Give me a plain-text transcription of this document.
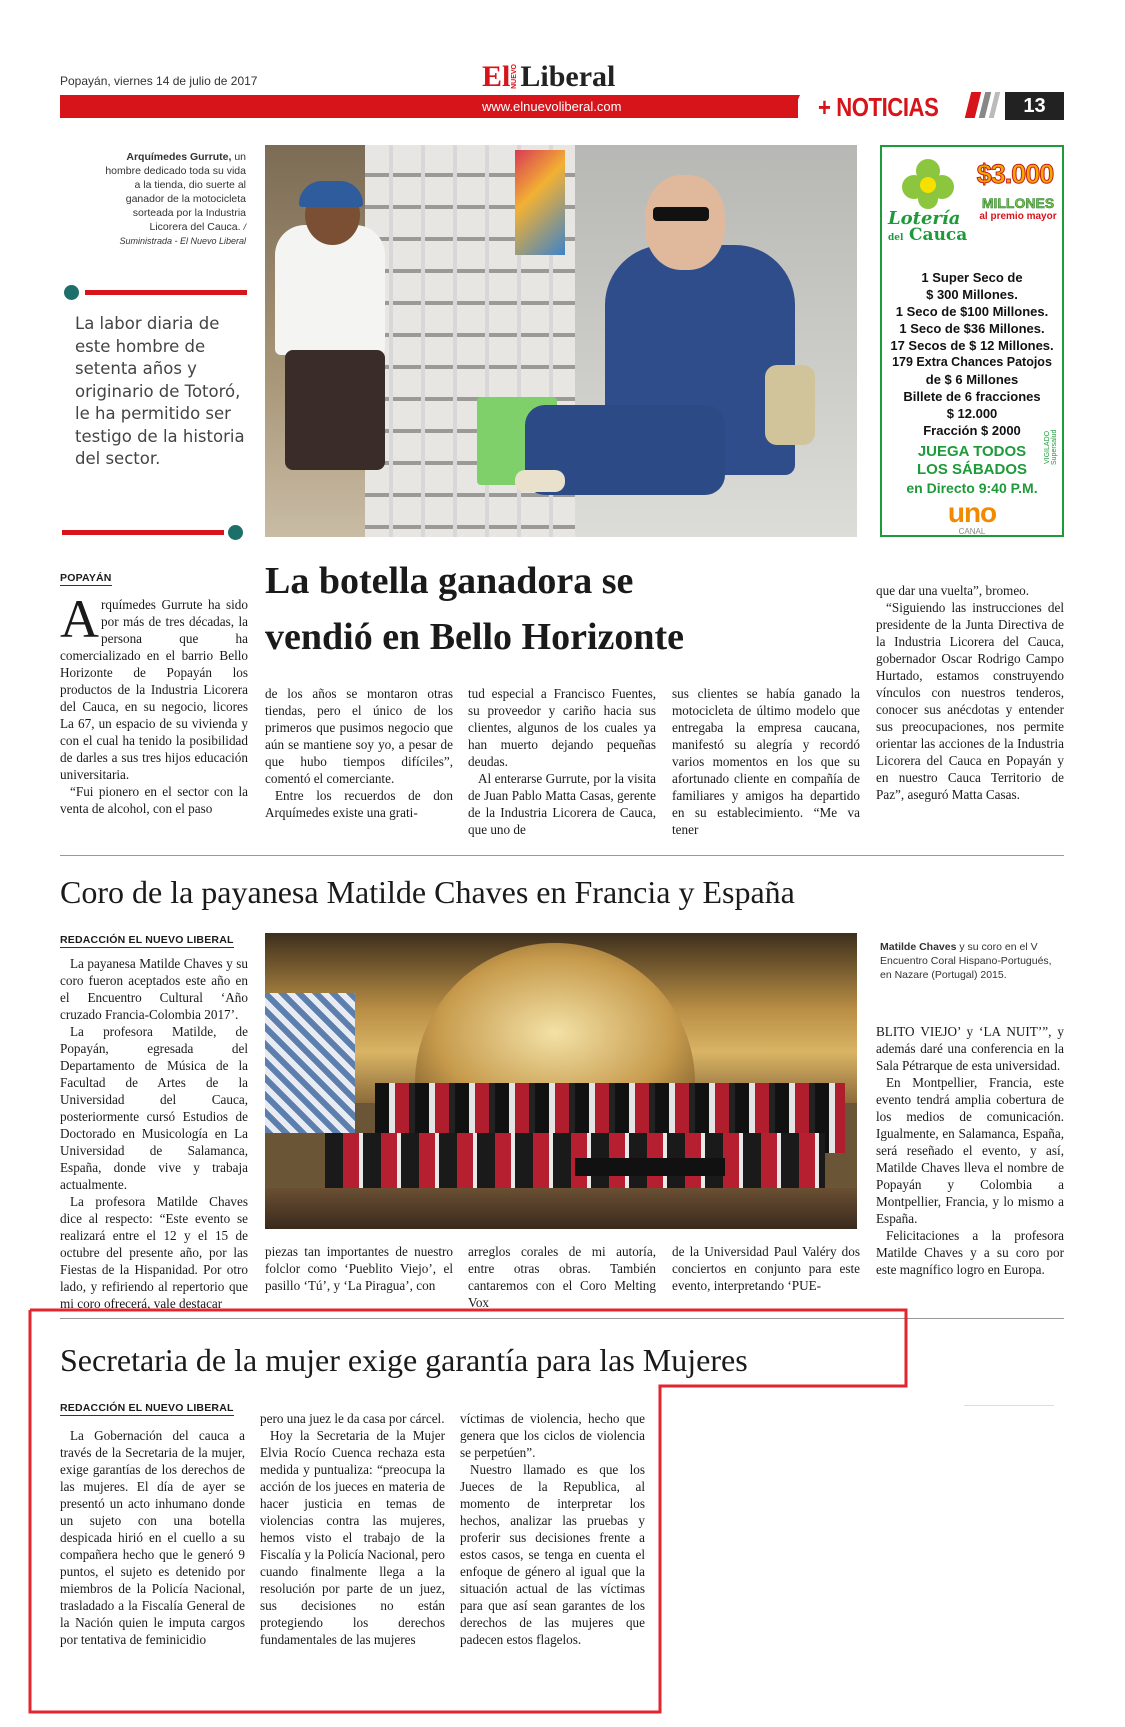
Popayán, viernes 14 de julio de 2017	El NUEVO Liberal
www.elnuevoliberal.com	+ NOTICIAS	13
Arquímedes Gurrute, un hombre dedicado toda su vida a la tienda, dio suerte al ganador de la motocicleta sorteada por la Industria Licorera del Cauca. / Suministrada - El Nuevo Liberal
La labor diaria de este hombre de setenta años y originario de Totoró, le ha permitido ser testigo de la historia del sector.
$3.000
MILLONES
al premio mayor
Lotería
del Cauca
1 Super Seco de
$ 300 Millones.
1 Seco de $100 Millones.
1 Seco de $36 Millones.
17 Secos de $ 12 Millones.
179 Extra Chances Patojos
de $ 6 Millones
Billete de 6 fracciones
$ 12.000
Fracción $ 2000	VIGILADO Supersalud
JUEGA TODOS
LOS SÁBADOS
en Directo 9:40 P.M.
uno
CANAL
POPAYÁN	La botella ganadora se
vendió en Bello Horizonte

Arquímedes Gurrute ha sido por más de tres décadas, la persona que ha comercializado en el barrio Bello Horizonte de Popayán los productos de la Industria Licorera del Cauca, en su negocio, licores La 67, un espacio de su vivienda y con el cual ha tenido la posibilidad de darles a sus tres hijos educación universitaria.

“Fui pionero en el sector con la venta de alcohol, con el paso

de los años se montaron otras tiendas, pero el único de los primeros que pusimos negocio que aún se mantiene soy yo, a pesar de que hubo tiempos difíciles”, comentó el comerciante.

Entre los recuerdos de don Arquímedes existe una grati-

tud especial a Francisco Fuentes, su proveedor y cariño hacia sus clientes, algunos de los cuales ya han muerto dejando pequeñas deudas.

Al enterarse Gurrute, por la visita de Juan Pablo Matta Casas, gerente de la Industria Licorera de Cauca, que uno de

sus clientes se había ganado la motocicleta de último modelo que entregaba la empresa caucana, manifestó su alegría y recordó varios momentos en los que su afortunado cliente en compañía de familiares y amigos ha departido en su establecimiento. “Me va tener

que dar una vuelta”, bromeo.

“Siguiendo las instrucciones del presidente de la Junta Directiva de la Industria Licorera del Cauca, gobernador Oscar Rodrigo Campo Hurtado, estamos construyendo vínculos con nuestros tenderos, conocer sus anécdotas y entender sus preocupaciones, nos permite orientar las acciones de la Industria Licorera del Cauca en Popayán y en nuestro Cauca Territorio de Paz”, aseguró Matta Casas.

Coro de la payanesa Matilde Chaves en Francia y España
REDACCIÓN EL NUEVO LIBERAL

La payanesa Matilde Chaves y su coro fueron aceptados este año en el Encuentro Cultural ‘Año cruzado Francia-Colombia 2017’.

La profesora Matilde, de Popayán, egresada del Departamento de Música de la Facultad de Artes de la Universidad del Cauca, posteriormente cursó Estudios de Doctorado en Musicología en La Universidad de Salamanca, España, donde vive y trabaja actualmente.

La profesora Matilde Chaves dice al respecto: “Este evento se realizará entre el 12 y el 15 de octubre del presente año, por las Fiestas de la Hispanidad. Por otro lado, y refiriendo al repertorio que mi coro ofrecerá, vale destacar

Matilde Chaves y su coro en el V Encuentro Coral Hispano-Portugués, en Nazare (Portugal) 2015.

BLITO VIEJO’ y ‘LA NUIT’”, y además daré una conferencia en la Sala Pétrarque de esta universidad.

En Montpellier, Francia, este evento tendrá amplia cobertura de los medios de comunicación. Igualmente, en Salamanca, España, será reseñado el evento, y así, Matilde Chaves lleva el nombre de Popayán y Colombia a Montpellier, Francia, y lo mismo a España.

Felicitaciones a la profesora Matilde Chaves y a su coro por este magnífico logro en Europa.

piezas tan importantes de nuestro folclor como ‘Pueblito Viejo’, el pasillo ‘Tú’, y ‘La Piragua’, con

arreglos corales de mi autoría, entre otras obras. También cantaremos con el Coro Melting Vox

de la Universidad Paul Valéry dos conciertos en conjunto para este evento, interpretando ‘PUE-

Secretaria de la mujer exige garantía para las Mujeres
REDACCIÓN EL NUEVO LIBERAL

La Gobernación del cauca a través de la Secretaria de la mujer, exige garantías de los derechos de las mujeres. El día de ayer se presentó un acto inhumano donde un sujeto con una botella despicada hirió en el cuello a su compañera hecho que le generó 9 puntos, el sujeto es detenido por miembros de la Policía Nacional, trasladado a la Fiscalía General de la Nación quien le imputa cargos por tentativa de feminicidio

pero una juez le da casa por cárcel.

Hoy la Secretaria de la Mujer Elvia Rocío Cuenca rechaza esta medida y puntualiza: “preocupa la acción de los jueces en materia de hacer justicia en temas de violencias contra las mujeres, hemos visto el trabajo de la Fiscalía y la Policía Nacional, pero cuando finalmente llega a la resolución por parte de un juez, sus decisiones no están protegiendo los derechos fundamentales de las mujeres

víctimas de violencia, hecho que genera que los ciclos de violencia se perpetúen”.

Nuestro llamado es que los Jueces de la Republica, al momento de interpretar los hechos, analizar las pruebas y proferir sus decisiones frente a estos casos, se tenga en cuenta el enfoque de género al igual que la situación actual de las víctimas para que así sean garantes de los derechos de las mujeres que padecen estos flagelos.
